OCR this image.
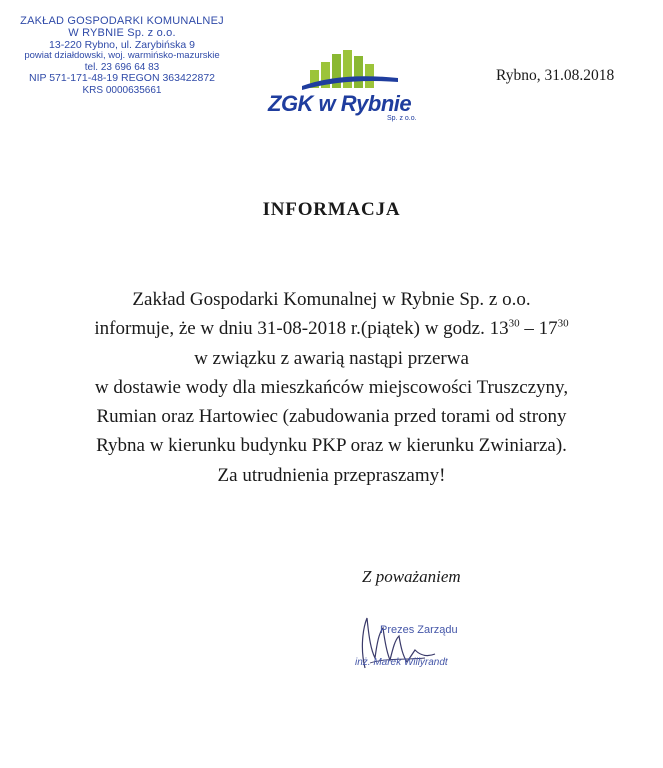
ZAKŁAD GOSPODARKI KOMUNALNEJ
W RYBNIE Sp. z o.o.
13-220 Rybno, ul. Zarybińska 9
powiat działdowski, woj. warmińsko-mazurskie
tel. 23 696 64 83
NIP 571-171-48-19 REGON 363422872
KRS 0000635661
ZGK w Rybnie
Sp. z o.o.
Rybno, 31.08.2018
INFORMACJA
Zakład Gospodarki Komunalnej w Rybnie Sp. z o.o.
informuje, że w dniu 31-08-2018 r.(piątek) w godz. $13^{30} - 17^{30}$
w związku z awarią nastąpi przerwa
w dostawie wody dla mieszkańców miejscowości Truszczyny,
Rumian oraz Hartowiec (zabudowania przed torami od strony
Rybna w kierunku budynku PKP oraz w kierunku Zwiniarza).
Za utrudnienia przepraszamy!
Z poważaniem
Prezes Zarządu
inż. Marek Willyrandt
